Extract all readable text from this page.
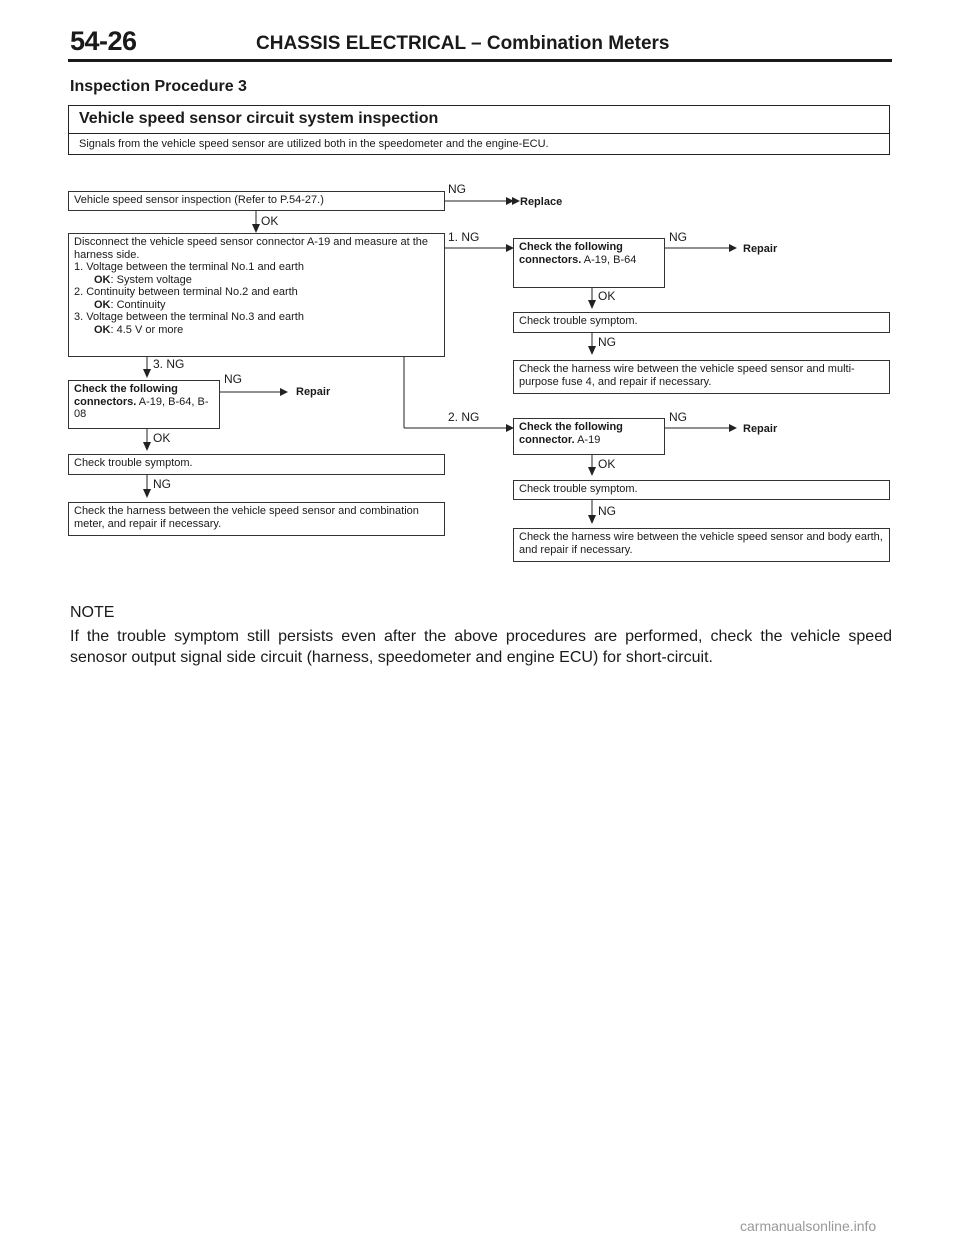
54-26	CHASSIS ELECTRICAL – Combination Meters
Inspection Procedure 3
Vehicle speed sensor circuit system inspection
Signals from the vehicle speed sensor are utilized both in the speedometer and the engine-ECU.
Vehicle speed sensor inspection (Refer to P.54-27.)
NG
Replace
OK
Disconnect the vehicle speed sensor connector A-19 and measure at the harness side.
1. Voltage between the terminal No.1 and earth
OK: System voltage
2. Continuity between terminal No.2 and earth
OK: Continuity
3. Voltage between the terminal No.3 and earth
OK: 4.5 V or more
1. NG
Check the following connectors. A-19, B-64
NG
Repair
OK
Check trouble symptom.
NG
Check the harness wire between the vehicle speed sensor and multi-purpose fuse 4, and repair if necessary.
3. NG
Check the following connectors. A-19, B-64, B-08
NG
Repair
OK
Check trouble symptom.
NG
Check the harness between the vehicle speed sensor and combination meter, and repair if necessary.
2. NG
Check the following connector. A-19
NG
Repair
OK
Check trouble symptom.
NG
Check the harness wire between the vehicle speed sensor and body earth, and repair if necessary.
NOTE
If the trouble symptom still persists even after the above procedures are performed, check the vehicle speed senosor output signal side circuit (harness, speedometer and engine ECU) for short-circuit.
carmanualsonline.info
